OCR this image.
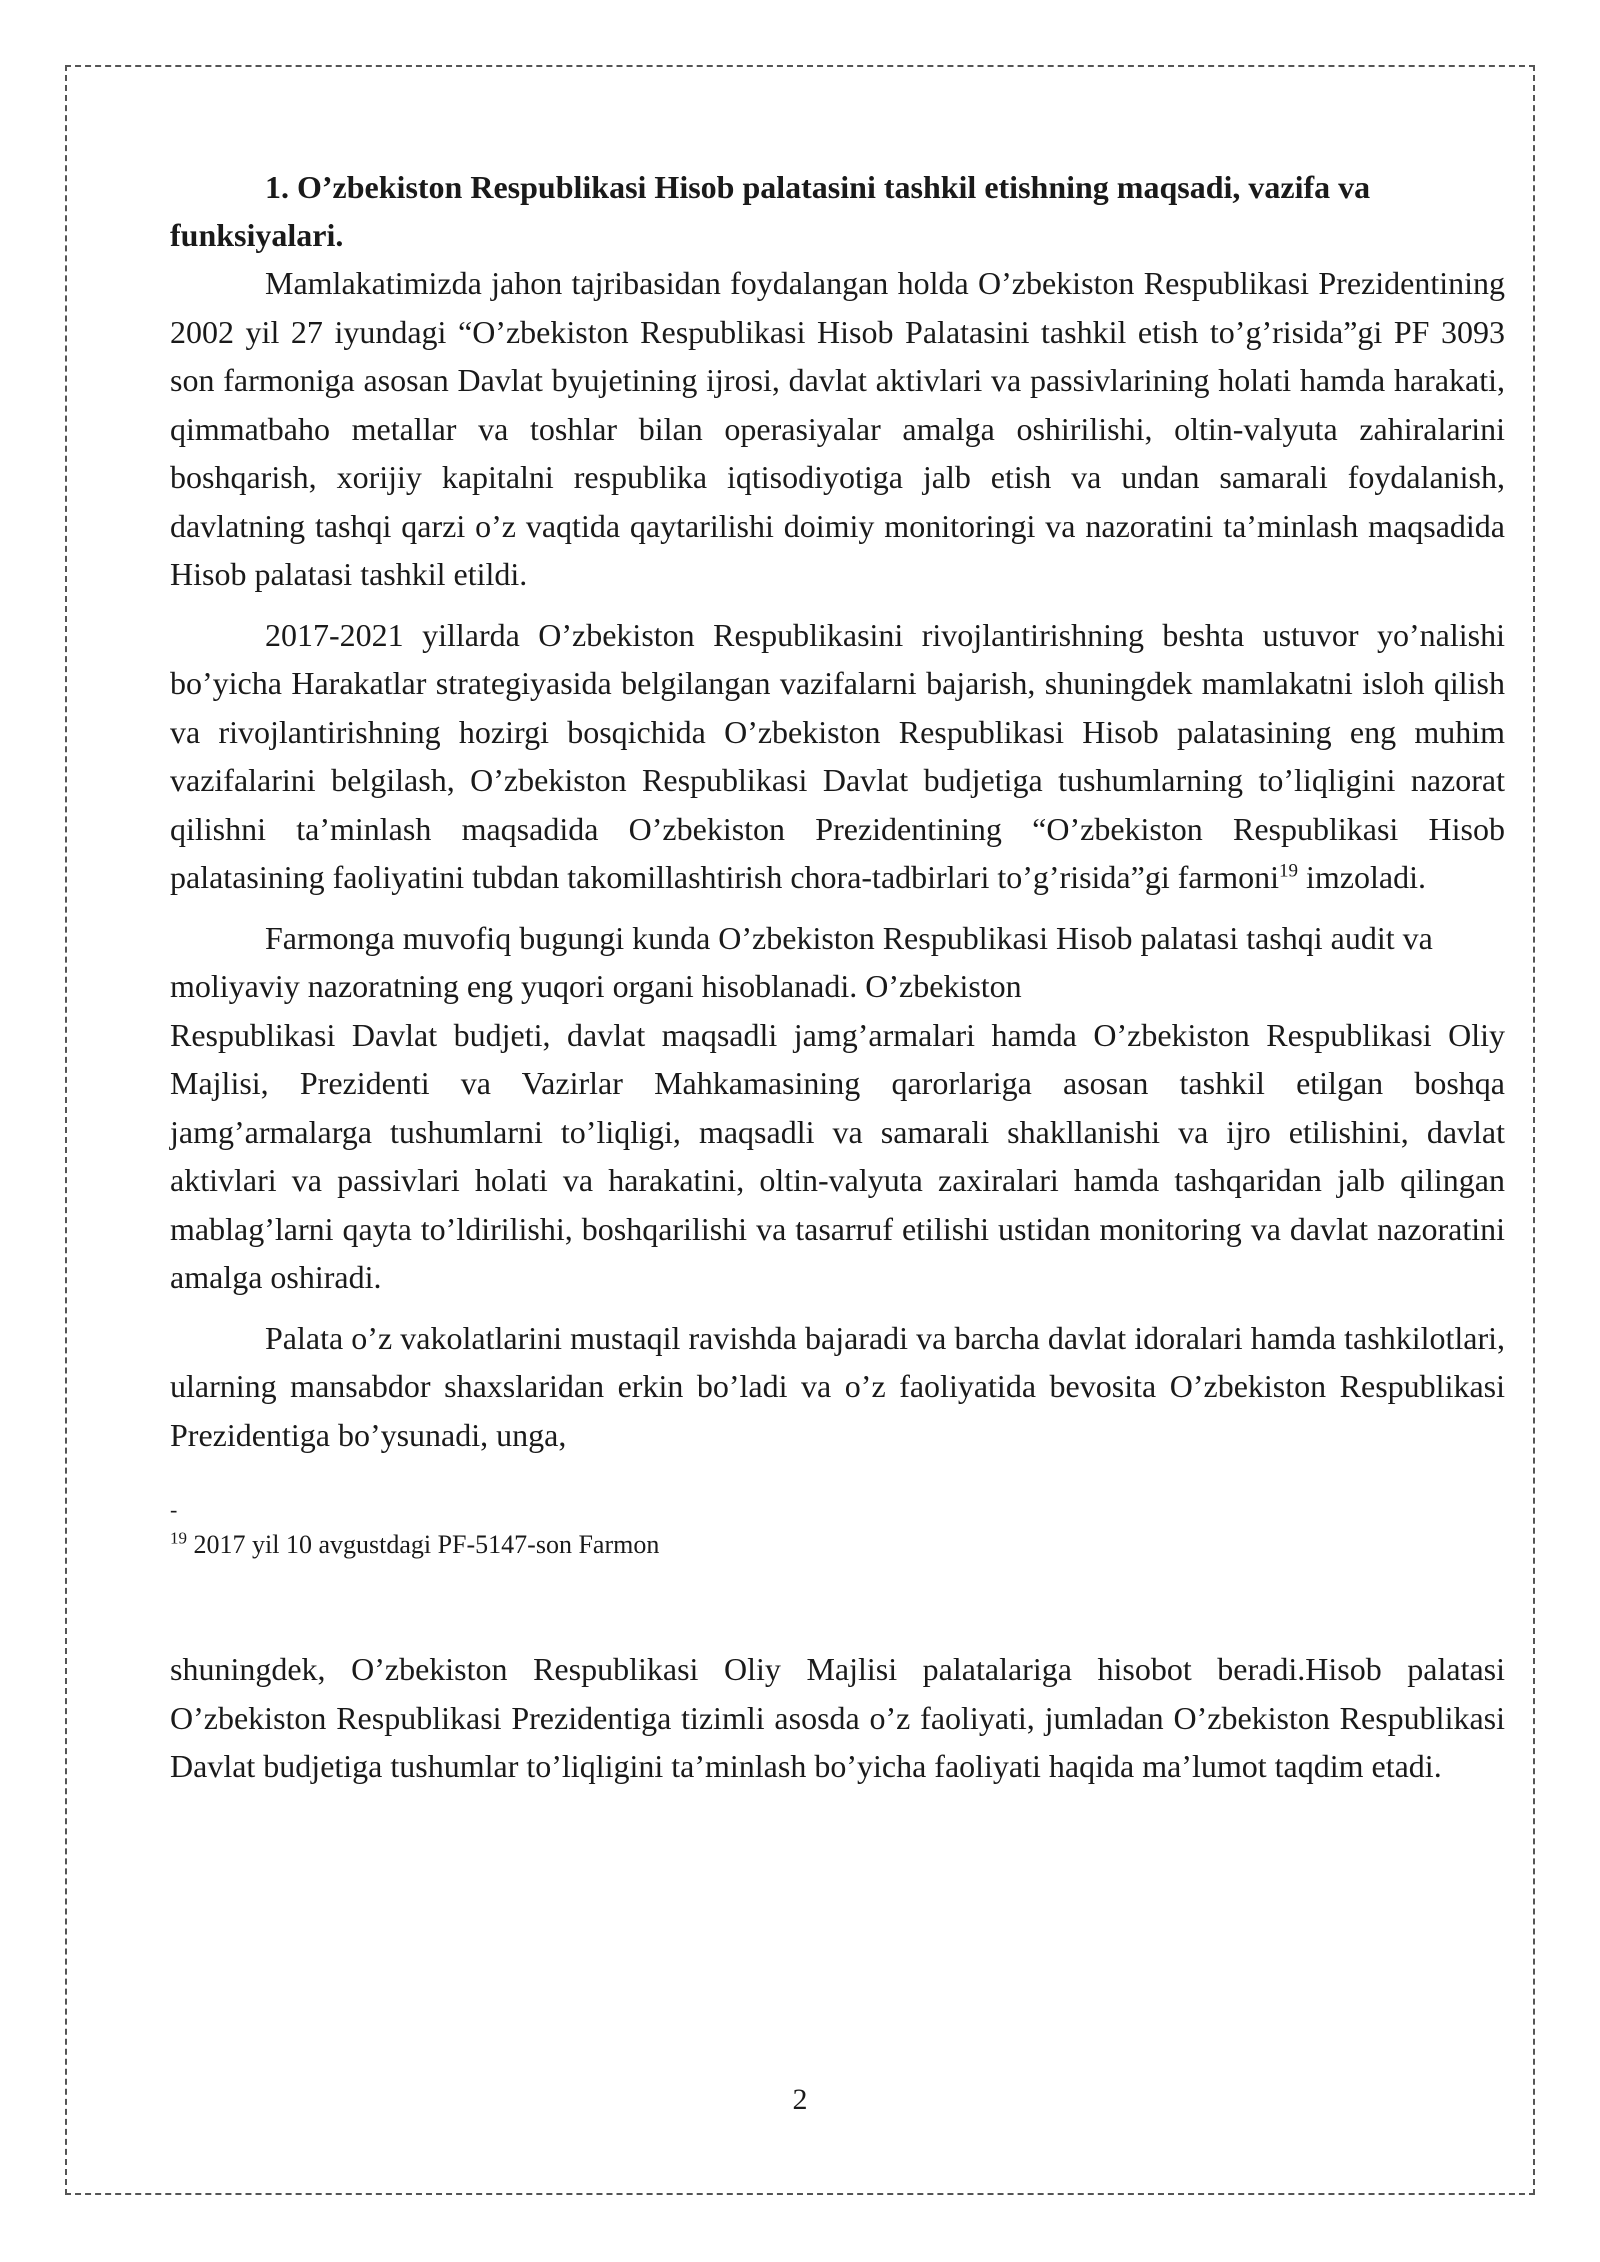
1. O’zbekiston Respublikasi Hisob palatasini tashkil etishning maqsadi, vazifa va funksiyalari.

Mamlakatimizda jahon tajribasidan foydalangan holda O’zbekiston Respublikasi Prezidentining 2002 yil 27 iyundagi “O’zbekiston Respublikasi Hisob Palatasini tashkil etish to’g’risida”gi PF 3093 son farmoniga asosan Davlat byujetining ijrosi, davlat aktivlari va passivlarining holati hamda harakati, qimmatbaho metallar va toshlar bilan operasiyalar amalga oshirilishi, oltin-valyuta zahiralarini boshqarish, xorijiy kapitalni respublika iqtisodiyotiga jalb etish va undan samarali foydalanish, davlatning tashqi qarzi o’z vaqtida qaytarilishi doimiy monitoringi va nazoratini ta’minlash maqsadida Hisob palatasi tashkil etildi.

2017-2021 yillarda O’zbekiston Respublikasini rivojlantirishning beshta ustuvor yo’nalishi bo’yicha Harakatlar strategiyasida belgilangan vazifalarni bajarish, shuningdek mamlakatni isloh qilish va rivojlantirishning hozirgi bosqichida O’zbekiston Respublikasi Hisob palatasining eng muhim vazifalarini belgilash, O’zbekiston Respublikasi Davlat budjetiga tushumlarning to’liqligini nazorat qilishni ta’minlash maqsadida O’zbekiston Prezidentining “O’zbekiston Respublikasi Hisob palatasining faoliyatini tubdan takomillashtirish chora-tadbirlari to’g’risida”gi farmoni$^{19}$ imzoladi.

Farmonga muvofiq bugungi kunda O’zbekiston Respublikasi Hisob palatasi tashqi audit va moliyaviy nazoratning eng yuqori organi hisoblanadi. O’zbekiston

Respublikasi Davlat budjeti, davlat maqsadli jamg’armalari hamda O’zbekiston Respublikasi Oliy Majlisi, Prezidenti va Vazirlar Mahkamasining qarorlariga asosan tashkil etilgan boshqa jamg’armalarga tushumlarni to’liqligi, maqsadli va samarali shakllanishi va ijro etilishini, davlat aktivlari va passivlari holati va harakatini, oltin-valyuta zaxiralari hamda tashqaridan jalb qilingan mablag’larni qayta to’ldirilishi, boshqarilishi va tasarruf etilishi ustidan monitoring va davlat nazoratini amalga oshiradi.

Palata o’z vakolatlarini mustaqil ravishda bajaradi va barcha davlat idoralari hamda tashkilotlari, ularning mansabdor shaxslaridan erkin bo’ladi va o’z faoliyatida bevosita O’zbekiston Respublikasi Prezidentiga bo’ysunadi, unga,

-

$^{19}$ 2017 yil 10 avgustdagi PF-5147-son Farmon

shuningdek, O’zbekiston Respublikasi Oliy Majlisi palatalariga hisobot beradi.Hisob palatasi O’zbekiston Respublikasi Prezidentiga tizimli asosda o’z faoliyati, jumladan O’zbekiston Respublikasi Davlat budjetiga tushumlar to’liqligini ta’minlash bo’yicha faoliyati haqida ma’lumot taqdim etadi.

2
